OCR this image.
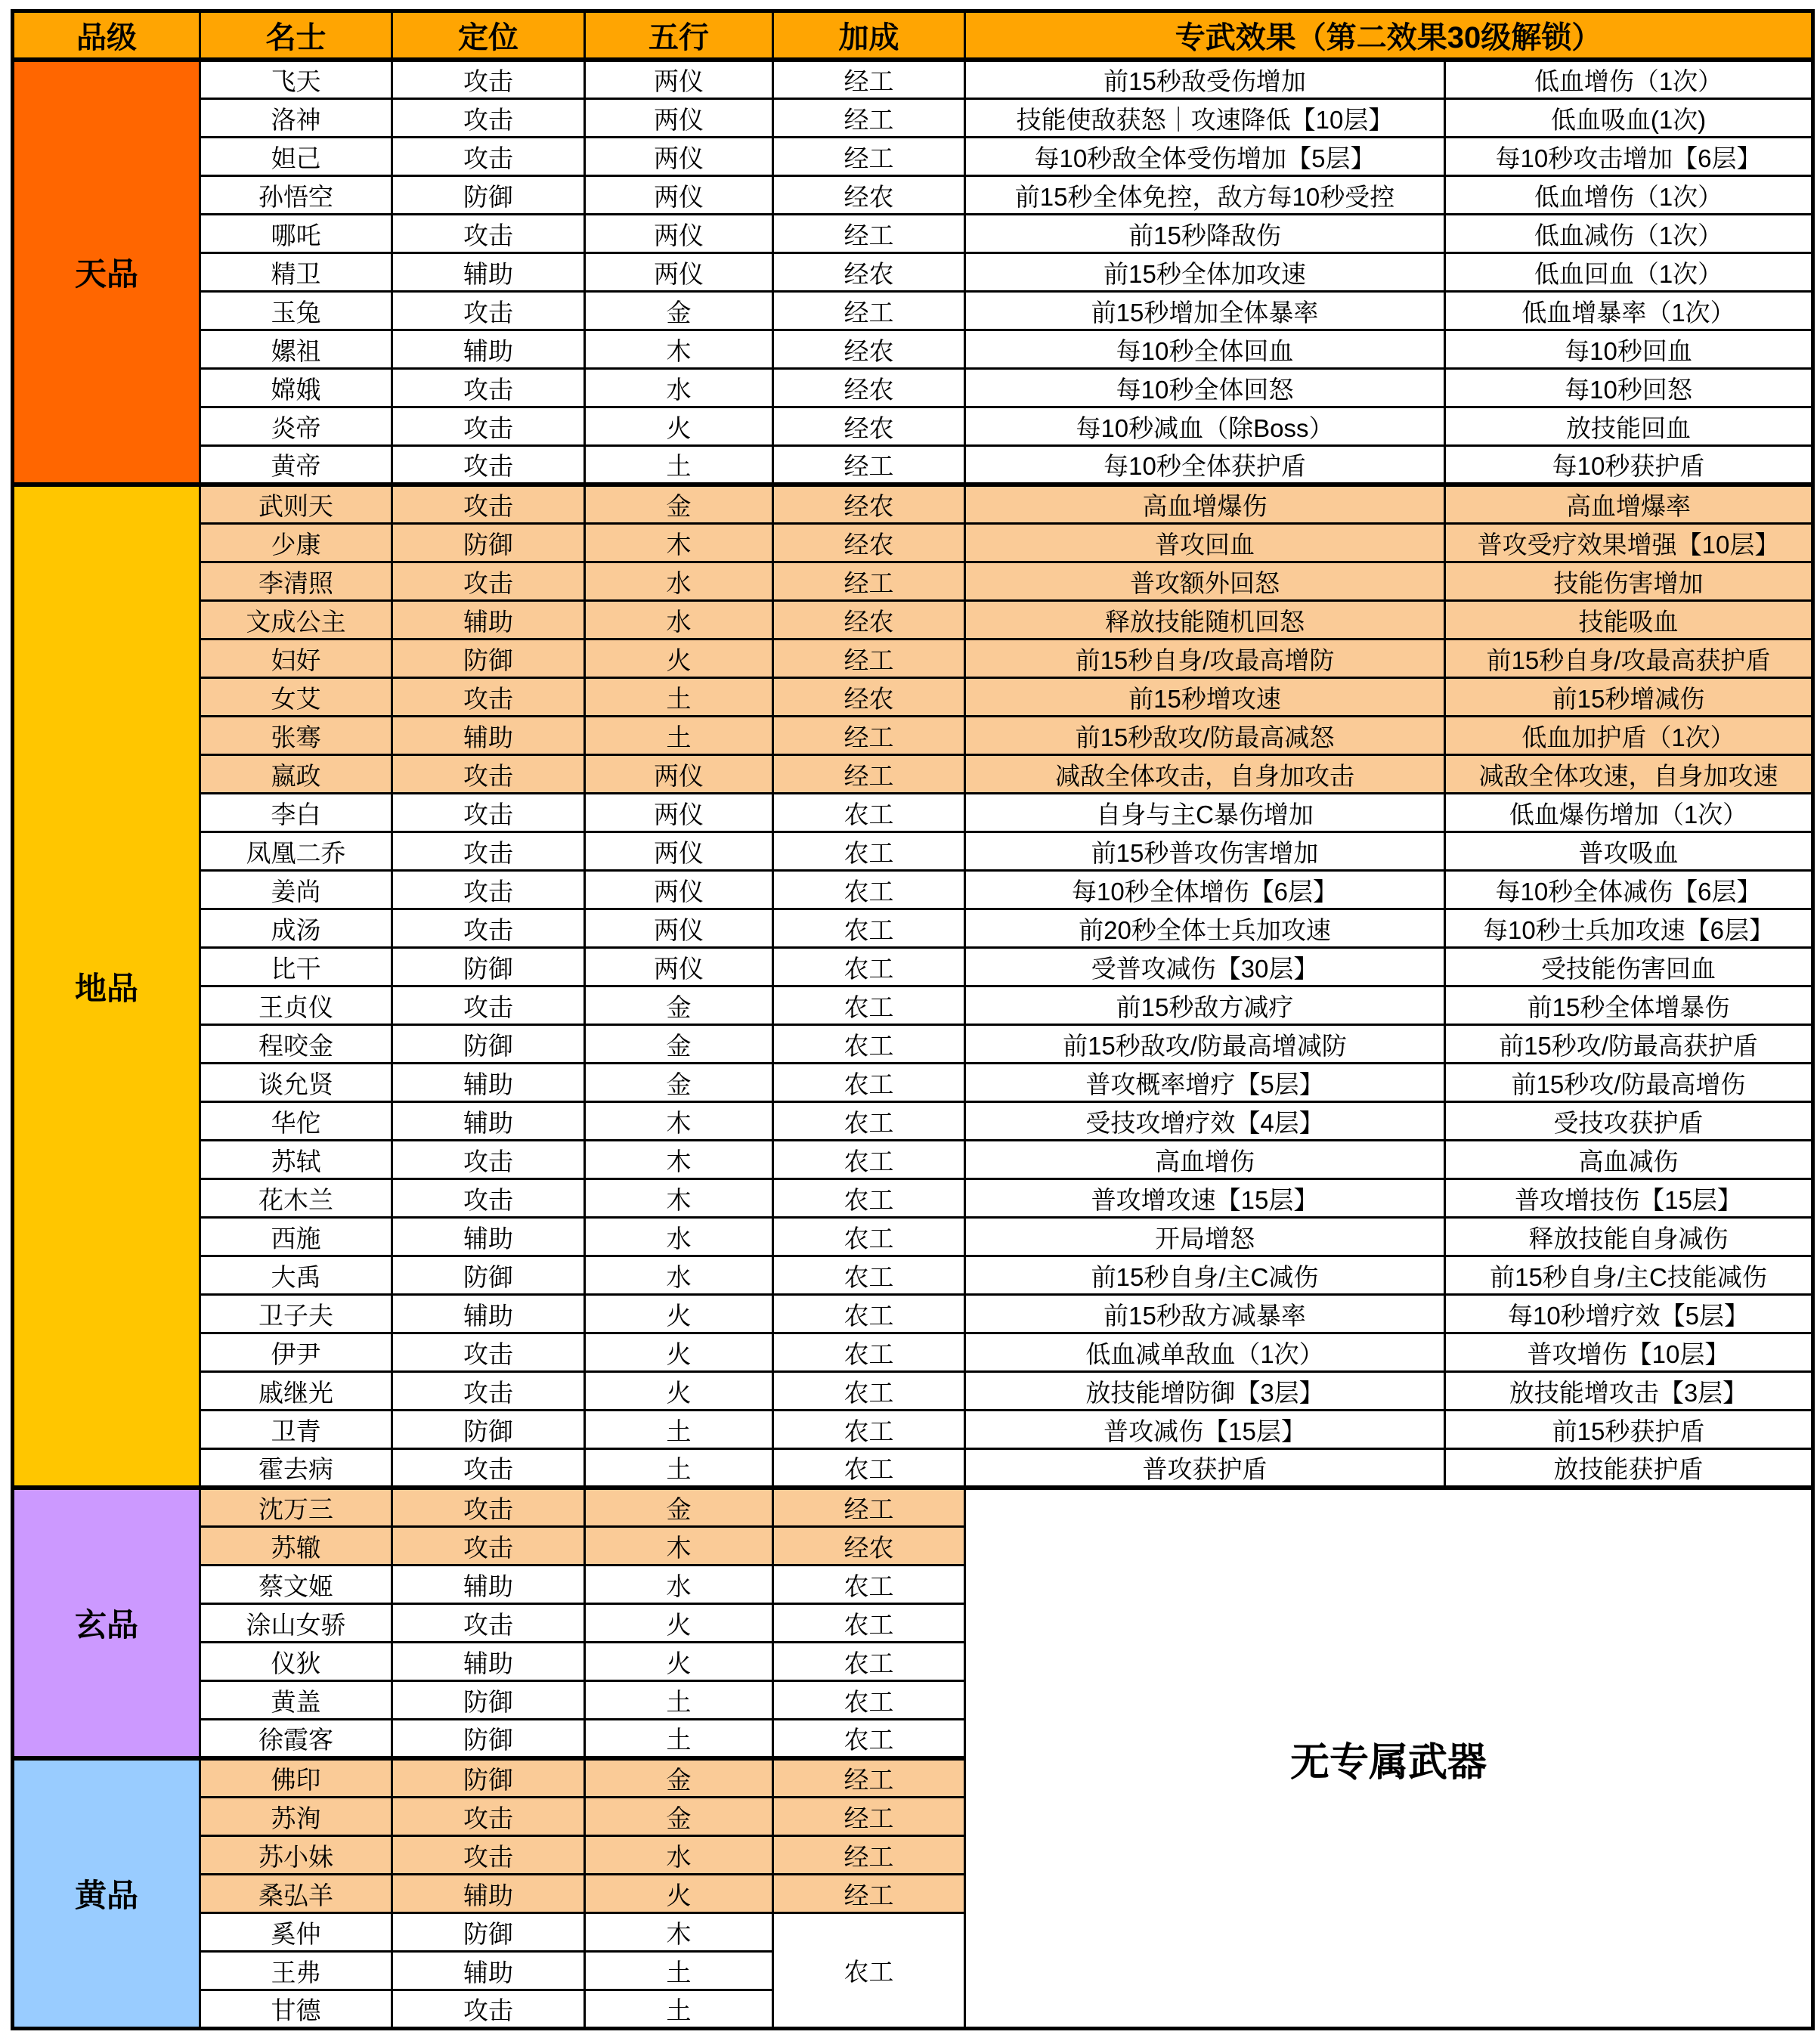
品级	名士	定位	五行	加成	专武效果（第二效果30级解锁）	
天品	飞天	攻击	两仪	经工	前15秒敌受伤增加	低血增伤（1次）
	洛神	攻击	两仪	经工	技能使敌获怒｜攻速降低【10层】	低血吸血(1次)
	妲己	攻击	两仪	经工	每10秒敌全体受伤增加【5层】	每10秒攻击增加【6层】
	孙悟空	防御	两仪	经农	前15秒全体免控，敌方每10秒受控	低血增伤（1次）
	哪吒	攻击	两仪	经工	前15秒降敌伤	低血减伤（1次）
	精卫	辅助	两仪	经农	前15秒全体加攻速	低血回血（1次）
	玉兔	攻击	金	经工	前15秒增加全体暴率	低血增暴率（1次）
	嫘祖	辅助	木	经农	每10秒全体回血	每10秒回血
	嫦娥	攻击	水	经农	每10秒全体回怒	每10秒回怒
	炎帝	攻击	火	经农	每10秒减血（除Boss）	放技能回血
	黄帝	攻击	土	经工	每10秒全体获护盾	每10秒获护盾
地品	武则天	攻击	金	经农	高血增爆伤	高血增爆率
	少康	防御	木	经农	普攻回血	普攻受疗效果增强【10层】
	李清照	攻击	水	经工	普攻额外回怒	技能伤害增加
	文成公主	辅助	水	经农	释放技能随机回怒	技能吸血
	妇好	防御	火	经工	前15秒自身/攻最高增防	前15秒自身/攻最高获护盾
	女艾	攻击	土	经农	前15秒增攻速	前15秒增减伤
	张骞	辅助	土	经工	前15秒敌攻/防最高减怒	低血加护盾（1次）
	嬴政	攻击	两仪	经工	减敌全体攻击，自身加攻击	减敌全体攻速，自身加攻速
	李白	攻击	两仪	农工	自身与主C暴伤增加	低血爆伤增加（1次）
	凤凰二乔	攻击	两仪	农工	前15秒普攻伤害增加	普攻吸血
	姜尚	攻击	两仪	农工	每10秒全体增伤【6层】	每10秒全体减伤【6层】
	成汤	攻击	两仪	农工	前20秒全体士兵加攻速	每10秒士兵加攻速【6层】
	比干	防御	两仪	农工	受普攻减伤【30层】	受技能伤害回血
	王贞仪	攻击	金	农工	前15秒敌方减疗	前15秒全体增暴伤
	程咬金	防御	金	农工	前15秒敌攻/防最高增减防	前15秒攻/防最高获护盾
	谈允贤	辅助	金	农工	普攻概率增疗【5层】	前15秒攻/防最高增伤
	华佗	辅助	木	农工	受技攻增疗效【4层】	受技攻获护盾
	苏轼	攻击	木	农工	高血增伤	高血减伤
	花木兰	攻击	木	农工	普攻增攻速【15层】	普攻增技伤【15层】
	西施	辅助	水	农工	开局增怒	释放技能自身减伤
	大禹	防御	水	农工	前15秒自身/主C减伤	前15秒自身/主C技能减伤
	卫子夫	辅助	火	农工	前15秒敌方减暴率	每10秒增疗效【5层】
	伊尹	攻击	火	农工	低血减单敌血（1次）	普攻增伤【10层】
	戚继光	攻击	火	农工	放技能增防御【3层】	放技能增攻击【3层】
	卫青	防御	土	农工	普攻减伤【15层】	前15秒获护盾
	霍去病	攻击	土	农工	普攻获护盾	放技能获护盾
玄品	沈万三	攻击	金	经工	无专属武器	
	苏辙	攻击	木	经农		
	蔡文姬	辅助	水	农工		
	涂山女骄	攻击	火	农工		
	仪狄	辅助	火	农工		
	黄盖	防御	土	农工		
	徐霞客	防御	土	农工		
黄品	佛印	防御	金	经工		
	苏洵	攻击	金	经工		
	苏小妹	攻击	水	经工		
	桑弘羊	辅助	火	经工		
	奚仲	防御	木	农工		
	王弗	辅助	土			
	甘德	攻击	土			
